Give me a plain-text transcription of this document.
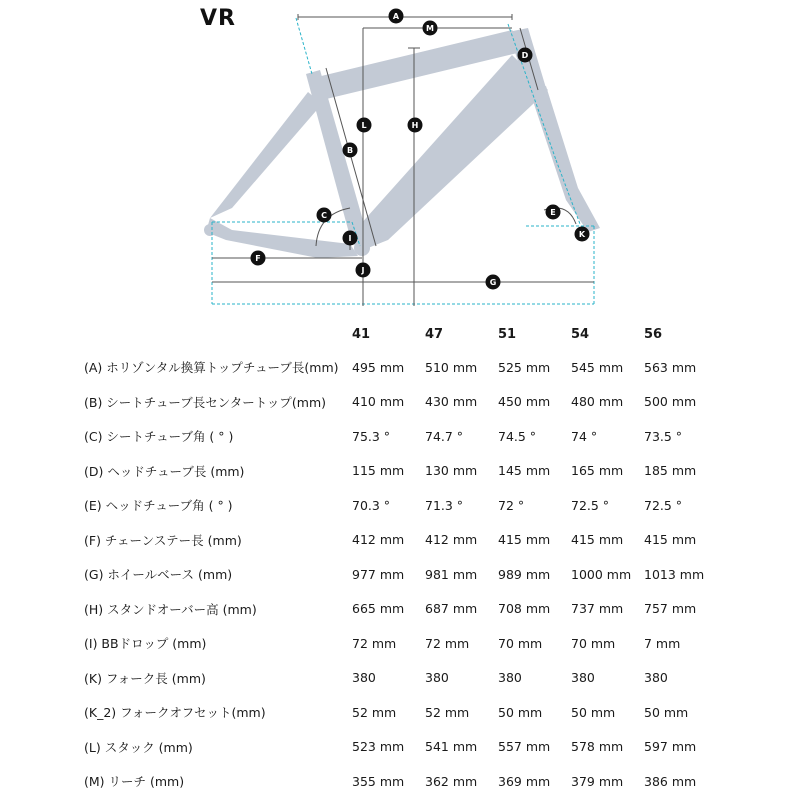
VR	A
M
D
L	H
B
C
I
E
K
J
F
G
	41	47	51	54	56
(A) ホリゾンタル換算トップチューブ長(mm)	495 mm	510 mm	525 mm	545 mm	563 mm
(B) シートチューブ長センタートップ(mm)	410 mm	430 mm	450 mm	480 mm	500 mm
(C) シートチューブ角 ( ° )	75.3 °	74.7 °	74.5 °	74 °	73.5 °
(D) ヘッドチューブ長 (mm)	115 mm	130 mm	145 mm	165 mm	185 mm
(E) ヘッドチューブ角 ( ° )	70.3 °	71.3 °	72 °	72.5 °	72.5 °
(F) チェーンステー長 (mm)	412 mm	412 mm	415 mm	415 mm	415 mm
(G) ホイールベース (mm)	977 mm	981 mm	989 mm	1000 mm	1013 mm
(H) スタンドオーバー高 (mm)	665 mm	687 mm	708 mm	737 mm	757 mm
(I) BBドロップ (mm)	72 mm	72 mm	70 mm	70 mm	7 mm
(K) フォーク長 (mm)	380	380	380	380	380
(K_2) フォークオフセット(mm)	52 mm	52 mm	50 mm	50 mm	50 mm
(L) スタック (mm)	523 mm	541 mm	557 mm	578 mm	597 mm
(M) リーチ (mm)	355 mm	362 mm	369 mm	379 mm	386 mm
